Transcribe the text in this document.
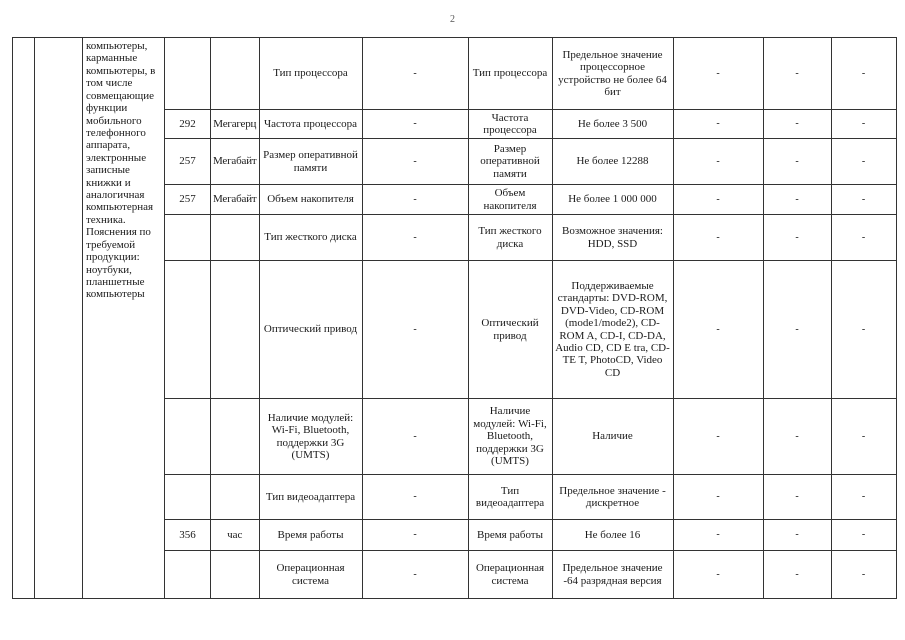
2
		компьютеры, карманные компьютеры, в том числе совмещающие функции мобильного телефонного аппарата, электронные записные книжки и аналогичная компьютерная техника. Пояснения по требуемой продукции: ноутбуки, планшетные компьютеры			Тип процессора	-	Тип процессора	Предельное значение процессорное устройство не более 64 бит	-	-	-
			292	Мегагерц	Частота процессора	-	Частота процессора	Не более 3 500	-	-	-
			257	Мегабайт	Размер оперативной памяти	-	Размер оперативной памяти	Не более 12288	-	-	-
			257	Мегабайт	Объем накопителя	-	Объем накопителя	Не более 1 000 000	-	-	-
					Тип жесткого диска	-	Тип жесткого диска	Возможное значения: HDD, SSD	-	-	-
					Оптический привод	-	Оптический привод	Поддерживаемые стандарты: DVD-ROM, DVD-Video, CD-ROM (mode1/mode2), CD-ROM A, CD-I, CD-DA, Audio CD, CD E tra, CD-TE T, PhotoCD, Video CD	-	-	-
					Наличие модулей: Wi-Fi, Bluetooth, поддержки 3G (UMTS)	-	Наличие модулей: Wi-Fi, Bluetooth, поддержки 3G (UMTS)	Наличие	-	-	-
					Тип видеоадаптера	-	Тип видеоадаптера	Предельное значение - дискретное	-	-	-
			356	час	Время работы	-	Время работы	Не более 16	-	-	-
					Операционная система	-	Операционная система	Предельное значение -64 разрядная версия	-	-	-
